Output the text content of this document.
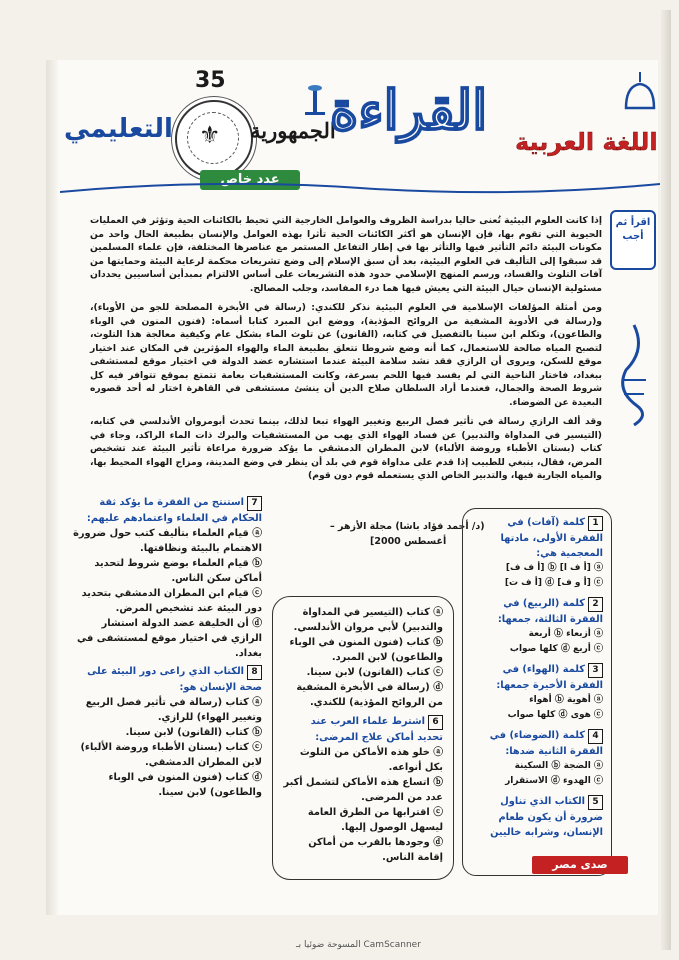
35
⚜
التعليمي	الجمهورية
عدد خاص
القراءة اللغة العربية
اقرأ ثم أجب

إذا كانت العلوم البيئية تُعنى حاليا بدراسة الظروف والعوامل الخارجية التي تحيط بالكائنات الحية وتؤثر في العمليات الحيوية التي تقوم بها، فإن الإنسان هو أكثر الكائنات الحية تأثرا بهذه العوامل والإنسان بطبيعة الحال واحد من مكونات البيئة دائم التأثير فيها والتأثر بها في إطار التفاعل المستمر مع عناصرها المختلفة، فإن علماء المسلمين قد سبقوا إلى التأليف في العلوم البيئية، بعد أن سبق الإسلام إلى وضع تشريعات محكمة لرعاية البيئة وحمايتها من آفات التلوث والفساد، ورسم المنهج الإسلامي حدود هذه التشريعات على أساس الالتزام بمبدأين أساسيين يحددان مسئولية الإنسان حيال البيئة التي يعيش فيها هما درء المفاسد، وجلب المصالح.

ومن أمثلة المؤلفات الإسلامية في العلوم البيئية نذكر للكندي: (رسالة في الأبخرة المصلحة للجو من الأوباء)، و(رسالة في الأدوية المشفية من الروائح المؤذية)، ووضع ابن المبرد كتابا أسماه: (فنون المنون في الوباء والطاعون)، وتكلم ابن سينا بالتفصيل في كتابه، (القانون) عن تلوث الماء بشكل عام وكيفية معالجة هذا التلوث، لتصبح المياه صالحة للاستعمال، كما أنه وضع شروطا تتعلق بطبيعة الماء والهواء المؤثرين في المكان عند اختيار موقع للسكن، ويروى أن الرازي فقد نشد سلامة البيئة عندما استشاره عضد الدولة في اختيار موقع لمستشفى ببغداد، فاختار الناحية التي لم يفسد فيها اللحم بسرعة، وكانت المستشفيات بعامة تتمتع بموقع تتوافر فيه كل شروط الصحة والجمال، فعندما أراد السلطان صلاح الدين أن ينشئ مستشفى في القاهرة اختار له أحد قصوره البعيدة عن الضوضاء.

وقد ألف الرازي رسالة في تأثير فصل الربيع وتغيير الهواء تبعا لذلك، بينما تحدث أبومروان الأندلسي في كتابه، (التيسير في المداواة والتدبير) عن فساد الهواء الذي يهب من المستشفيات والبرك ذات الماء الراكد، وجاء في كتاب (بستان الأطباء وروضة الألباء) لابن المطران الدمشقي ما يؤكد ضرورة مراعاة تأثير البيئة عند تشخيص المرض، فقال، ينبغي للطبيب إذا قدم على مداواة قوم في بلد أن ينظر في وضع المدينة، ومزاج الهواء المحيط بها، والمياه الجارية فيها، والتدبير الخاص الذي يستعمله قوم دون قوم)

(د/ أحمد فؤاد باشا) مجلة الأزهر –
أغسطس 2000]

1كلمة (آفات) في الفقرة الأولى، مادتها المعجمية هي:

ⓐ [أ ف ا] ⓑ [أ ف ف]

ⓒ [أ و ف] ⓓ [أ ف ت]

2كلمة (الربيع) في الفقرة الثالثة، جمعها:

ⓐ أزبعاء ⓑ أربعة

ⓒ أربع ⓓ كلها صواب

3كلمة (الهواء) في الفقرة الأخيرة جمعها:

ⓐ أهوية ⓑ أهواء

ⓒ هوى ⓓ كلها صواب

4كلمة (الضوضاء) في الفقرة الثانية ضدها:

ⓐ الضجة ⓑ السكينة

ⓒ الهدوء ⓓ الاستقرار

5الكتاب الذي تناول ضرورة أن يكون طعام الإنسان، وشرابه خاليين

ⓐ كتاب (التيسير في المداواة والتدبير) لأبي مروان الأندلسي.

ⓑ كتاب (فنون المنون في الوباء والطاعون) لابن المبرد.

ⓒ كتاب (القانون) لابن سينا.

ⓓ (رسالة في الأبخرة المشفية من الروائح المؤذية) للكندي.

6اشترط علماء العرب عند تحديد أماكن علاج المرضى:

ⓐ خلو هذه الأماكن من التلوث بكل أنواعه.

ⓑ اتساع هذه الأماكن لتشمل أكبر عدد من المرضى.

ⓒ اقترابها من الطرق العامة ليسهل الوصول إليها.

ⓓ وجودها بالقرب من أماكن إقامة الناس.

7استنتج من الفقرة ما يؤكد ثقة الحكام في العلماء واعتمادهم عليهم:

ⓐ قيام العلماء بتأليف كتب حول ضرورة الاهتمام بالبيئة ونظافتها.

ⓑ قيام العلماء بوضع شروط لتحديد أماكن سكن الناس.

ⓒ قيام ابن المطران الدمشقي بتحديد دور البيئة عند تشخيص المرض.

ⓓ أن الخليفة عضد الدولة استشار الرازي في اختيار موقع لمستشفى في بغداد.

8الكتاب الذي راعى دور البيئة على صحة الإنسان هو:

ⓐ كتاب (رسالة في تأثير فصل الربيع وتغيير الهواء) للرازي.

ⓑ كتاب (القانون) لابن سينا.

ⓒ كتاب (بستان الأطباء وروضة الألباء) لابن المطران الدمشقي.

ⓓ كتاب (فنون المنون في الوباء والطاعون) لابن سينا.

صدى مصر
CamScanner المسوحة ضوئيا بـ
